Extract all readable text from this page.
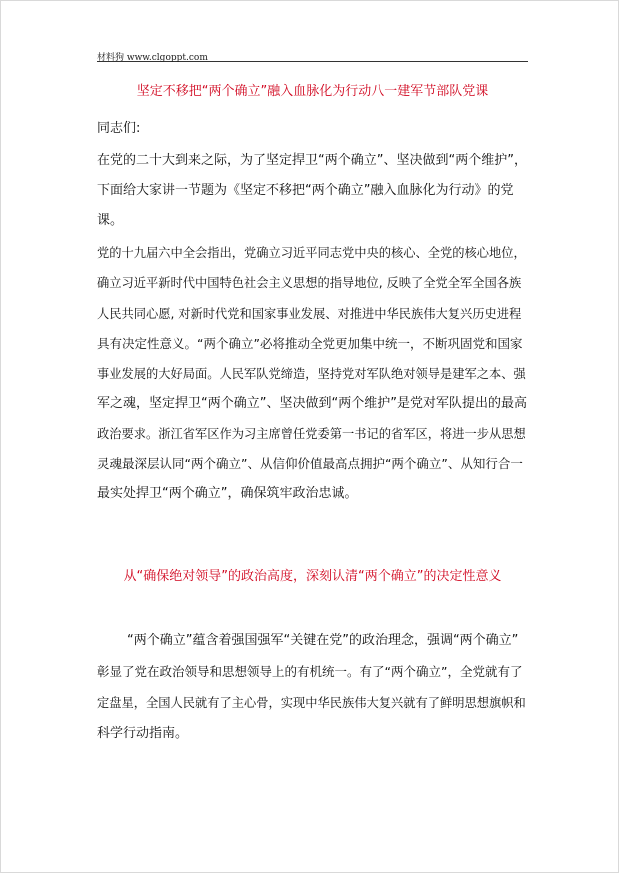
材料狗 www.clgoppt.com

坚定不移把“两个确立”融入血脉化为行动八一建军节部队党课

同志们:

在党的二十大到来之际，为了坚定捍卫“两个确立”、坚决做到“两个维护”，

下面给大家讲一节题为《坚定不移把“两个确立”融入血脉化为行动》的党

课。

党的十九届六中全会指出，党确立习近平同志党中央的核心、全党的核心地位，

确立习近平新时代中国特色社会主义思想的指导地位, 反映了全党全军全国各族

人民共同心愿, 对新时代党和国家事业发展、对推进中华民族伟大复兴历史进程

具有决定性意义。“两个确立”必将推动全党更加集中统一，不断巩固党和国家

事业发展的大好局面。人民军队党缔造，坚持党对军队绝对领导是建军之本、强

军之魂，坚定捍卫“两个确立”、坚决做到“两个维护”是党对军队提出的最高

政治要求。浙江省军区作为习主席曾任党委第一书记的省军区，将进一步从思想

灵魂最深层认同“两个确立”、从信仰价值最高点拥护“两个确立”、从知行合一

最实处捍卫“两个确立”，确保筑牢政治忠诚。

从“确保绝对领导”的政治高度，深刻认清“两个确立”的决定性意义

“两个确立”蕴含着强国强军“关键在党”的政治理念，强调“两个确立”

彰显了党在政治领导和思想领导上的有机统一。有了“两个确立”，全党就有了

定盘星，全国人民就有了主心骨，实现中华民族伟大复兴就有了鲜明思想旗帜和

科学行动指南。
